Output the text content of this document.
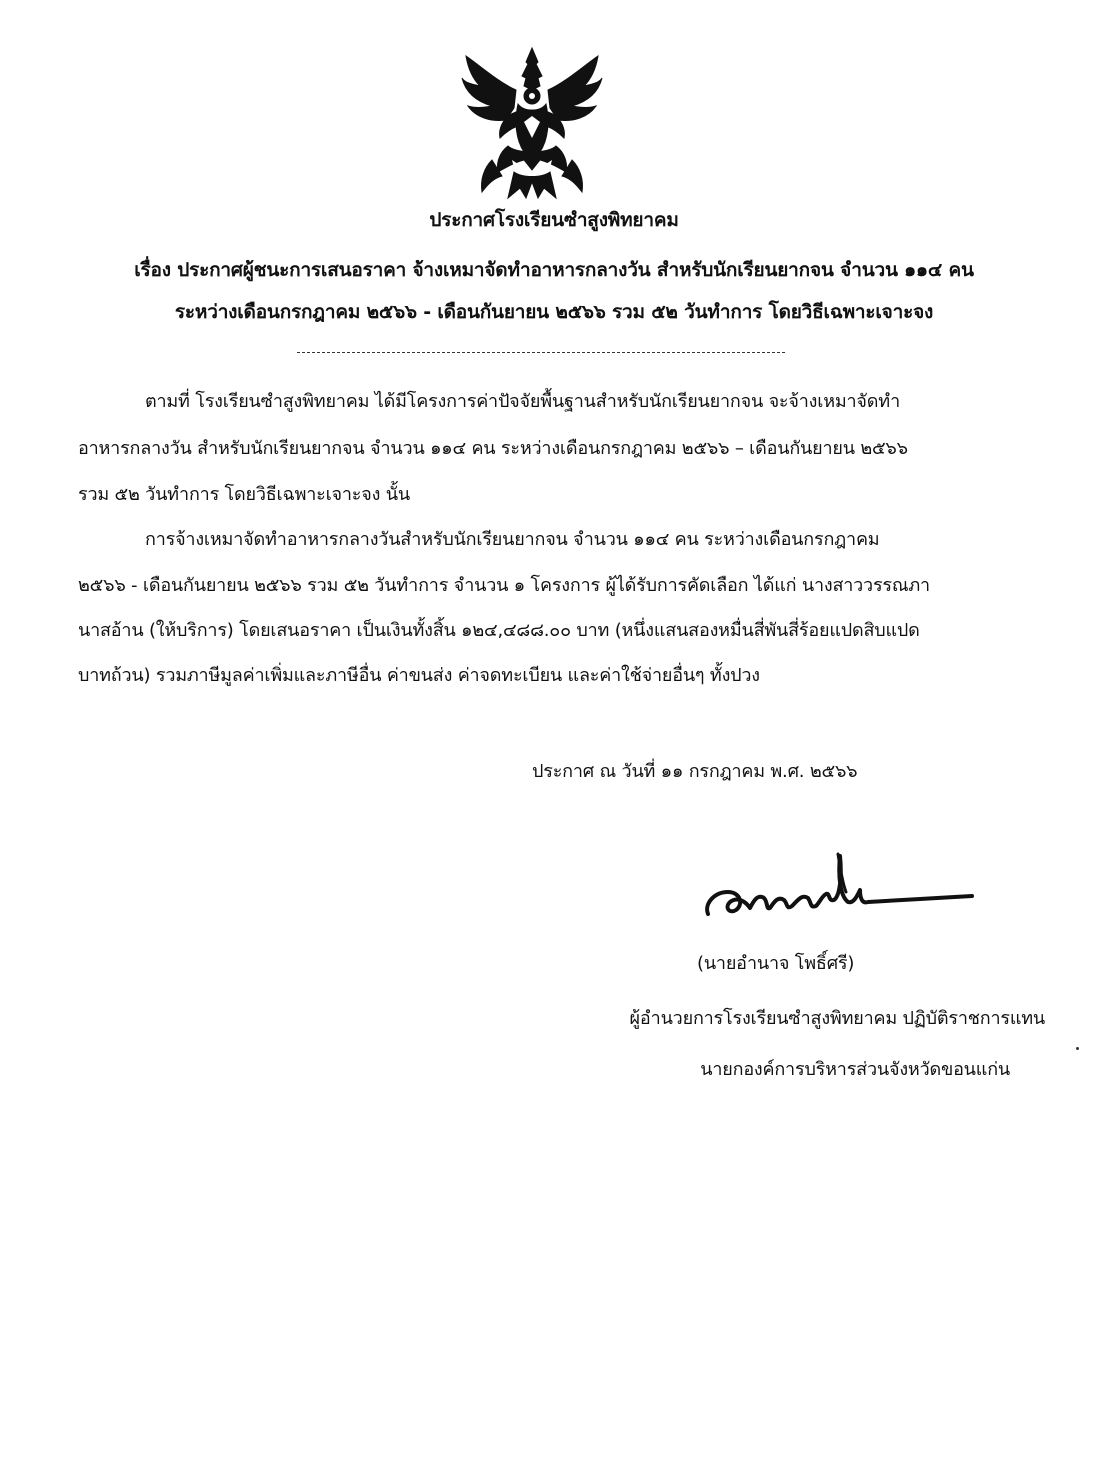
ประกาศโรงเรียนซำสูงพิทยาคม
เรื่อง ประกาศผู้ชนะการเสนอราคา จ้างเหมาจัดทำอาหารกลางวัน สำหรับนักเรียนยากจน จำนวน ๑๑๔ คน
ระหว่างเดือนกรกฎาคม ๒๕๖๖ - เดือนกันยายน ๒๕๖๖ รวม ๕๒ วันทำการ โดยวิธีเฉพาะเจาะจง
ตามที่ โรงเรียนซำสูงพิทยาคม ได้มีโครงการค่าปัจจัยพื้นฐานสำหรับนักเรียนยากจน จะจ้างเหมาจัดทำ
อาหารกลางวัน สำหรับนักเรียนยากจน จำนวน ๑๑๔ คน ระหว่างเดือนกรกฎาคม ๒๕๖๖ – เดือนกันยายน ๒๕๖๖
รวม ๕๒ วันทำการ โดยวิธีเฉพาะเจาะจง นั้น
การจ้างเหมาจัดทำอาหารกลางวันสำหรับนักเรียนยากจน จำนวน ๑๑๔ คน ระหว่างเดือนกรกฎาคม
๒๕๖๖ - เดือนกันยายน ๒๕๖๖ รวม ๕๒ วันทำการ จำนวน ๑ โครงการ ผู้ได้รับการคัดเลือก ได้แก่ นางสาววรรณภา
นาสอ้าน (ให้บริการ) โดยเสนอราคา เป็นเงินทั้งสิ้น ๑๒๔,๔๘๘.๐๐ บาท (หนึ่งแสนสองหมื่นสี่พันสี่ร้อยแปดสิบแปด
บาทถ้วน) รวมภาษีมูลค่าเพิ่มและภาษีอื่น ค่าขนส่ง ค่าจดทะเบียน และค่าใช้จ่ายอื่นๆ ทั้งปวง
ประกาศ ณ วันที่ ๑๑ กรกฎาคม พ.ศ. ๒๕๖๖
(นายอำนาจ โพธิ์ศรี)
ผู้อำนวยการโรงเรียนซำสูงพิทยาคม ปฏิบัติราชการแทน
นายกองค์การบริหารส่วนจังหวัดขอนแก่น
